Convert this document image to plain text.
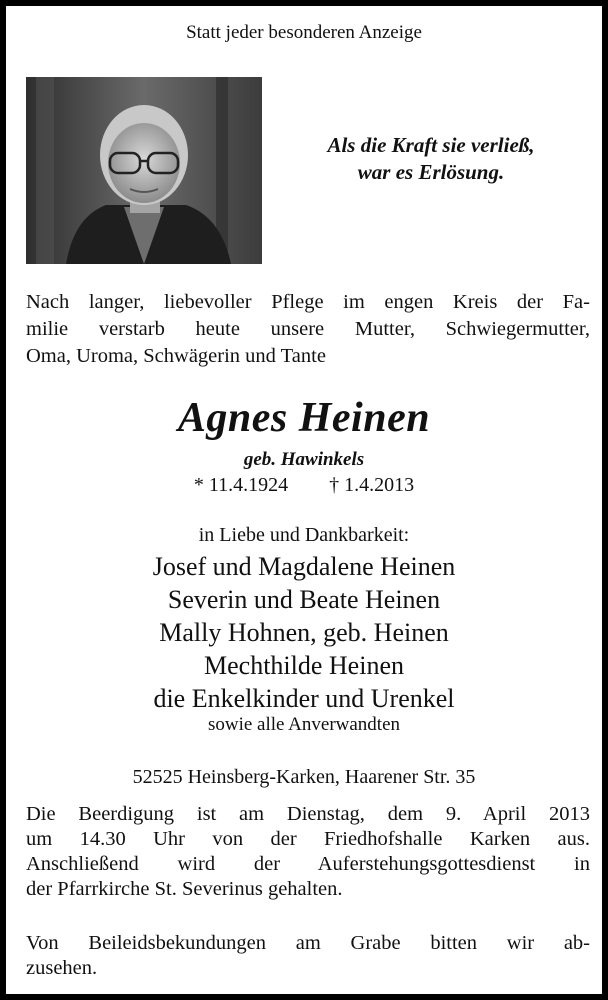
Statt jeder besonderen Anzeige
Als die Kraft sie verließ,
war es Erlösung.
Nach langer, liebevoller Pflege im engen Kreis der Fa-
milie verstarb heute unsere Mutter, Schwiegermutter,
Oma, Uroma, Schwägerin und Tante
Agnes Heinen
geb. Hawinkels
* 11.4.1924 † 1.4.2013
in Liebe und Dankbarkeit:
Josef und Magdalene Heinen
Severin und Beate Heinen
Mally Hohnen, geb. Heinen
Mechthilde Heinen
die Enkelkinder und Urenkel
sowie alle Anverwandten
52525 Heinsberg-Karken, Haarener Str. 35
Die Beerdigung ist am Dienstag, dem 9. April 2013
um 14.30 Uhr von der Friedhofshalle Karken aus.
Anschließend wird der Auferstehungsgottesdienst in
der Pfarrkirche St. Severinus gehalten.
Von Beileidsbekundungen am Grabe bitten wir ab-
zusehen.
